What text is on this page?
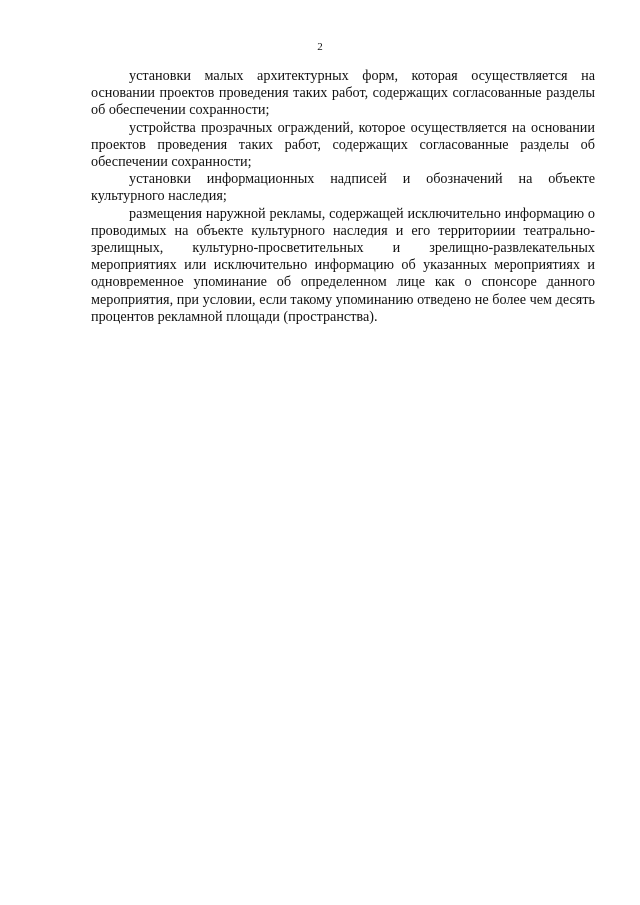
2

установки малых архитектурных форм, которая осуществляется на основании проектов проведения таких работ, содержащих согласованные разделы об обеспечении сохранности;

устройства прозрачных ограждений, которое осуществляется на основании проектов проведения таких работ, содержащих согласованные разделы об обеспечении сохранности;

установки информационных надписей и обозначений на объекте культурного наследия;

размещения наружной рекламы, содержащей исключительно информацию о проводимых на объекте культурного наследия и его территориии театрально-зрелищных, культурно-просветительных и зрелищно-развлекательных мероприятиях или исключительно информацию об указанных мероприятиях и одновременное упоминание об определенном лице как о спонсоре данного мероприятия, при условии, если такому упоминанию отведено не более чем десять процентов рекламной площади (пространства).
